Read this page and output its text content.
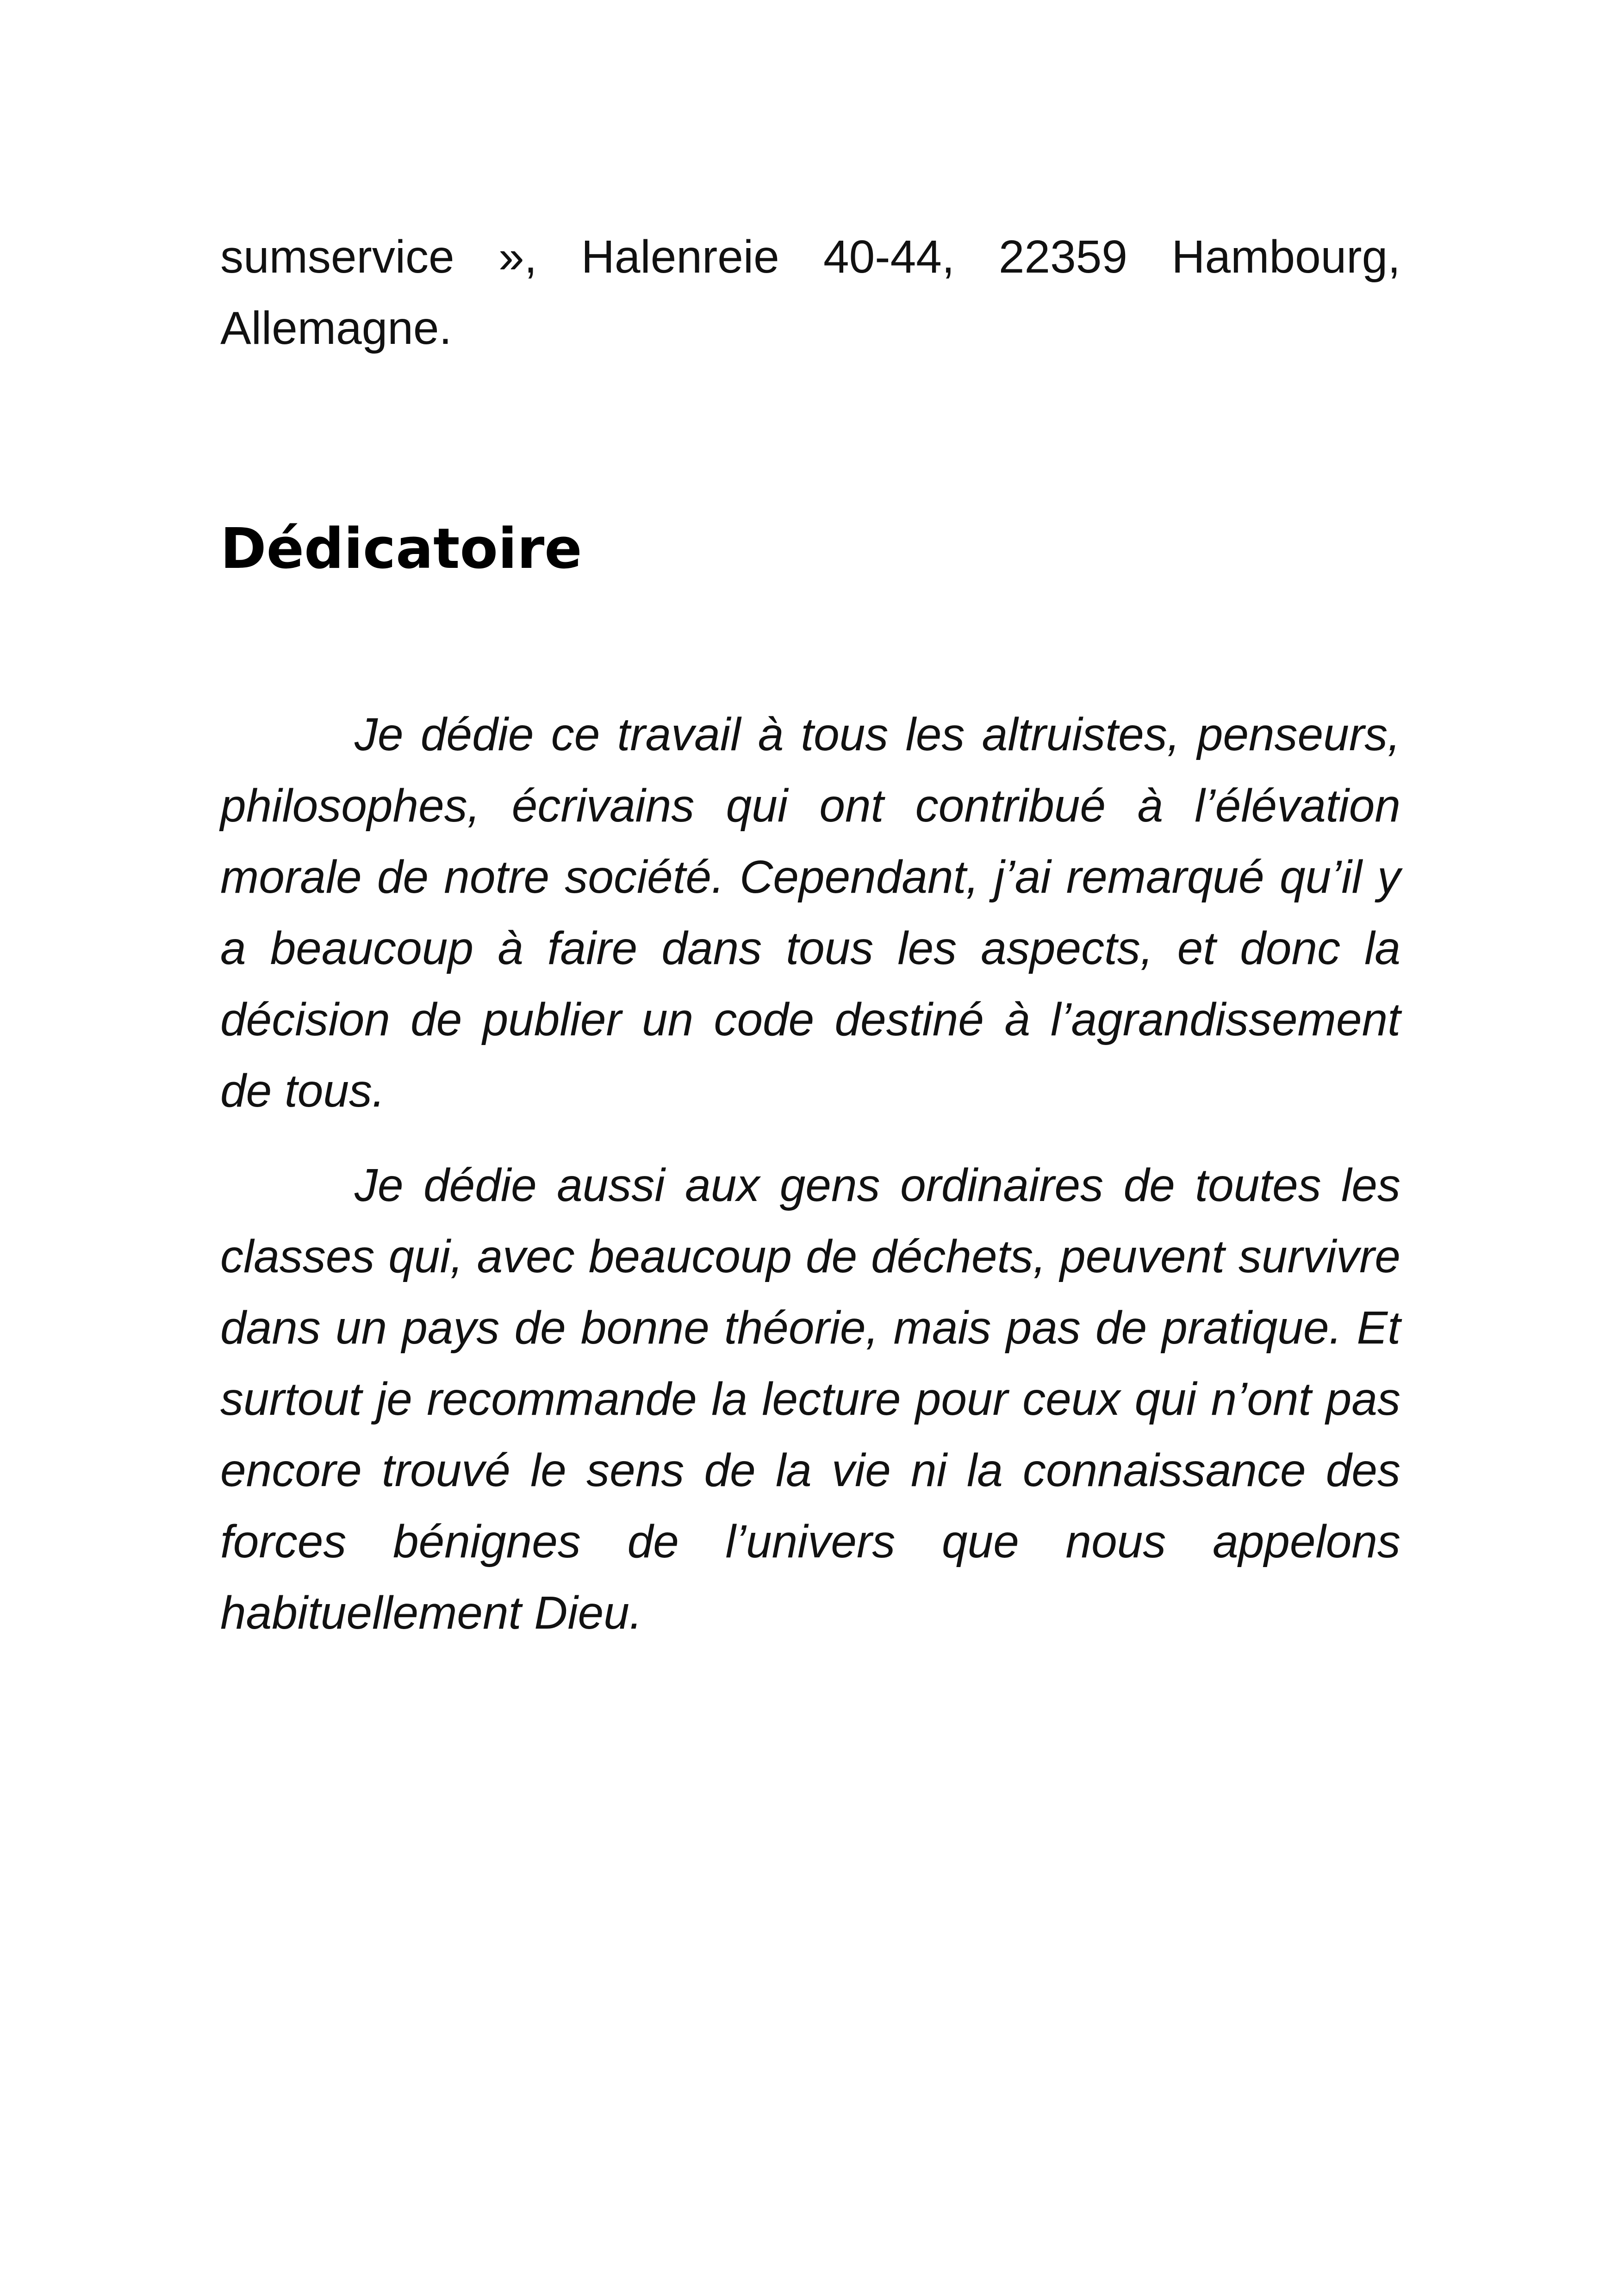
sumservice », Halenreie 40-44, 22359 Hambourg, Allemagne.

Dédicatoire

Je dédie ce travail à tous les altruistes, penseurs, philosophes, écrivains qui ont contribué à l’élévation morale de notre société. Cependant, j’ai remarqué qu’il y a beaucoup à faire dans tous les aspects, et donc la décision de publier un code destiné à l’agrandissement de tous.

Je dédie aussi aux gens ordinaires de toutes les classes qui, avec beaucoup de déchets, peuvent survivre dans un pays de bonne théorie, mais pas de pratique. Et surtout je recommande la lecture pour ceux qui n’ont pas encore trouvé le sens de la vie ni la connaissance des forces bénignes de l’univers que nous appelons habituellement Dieu.
